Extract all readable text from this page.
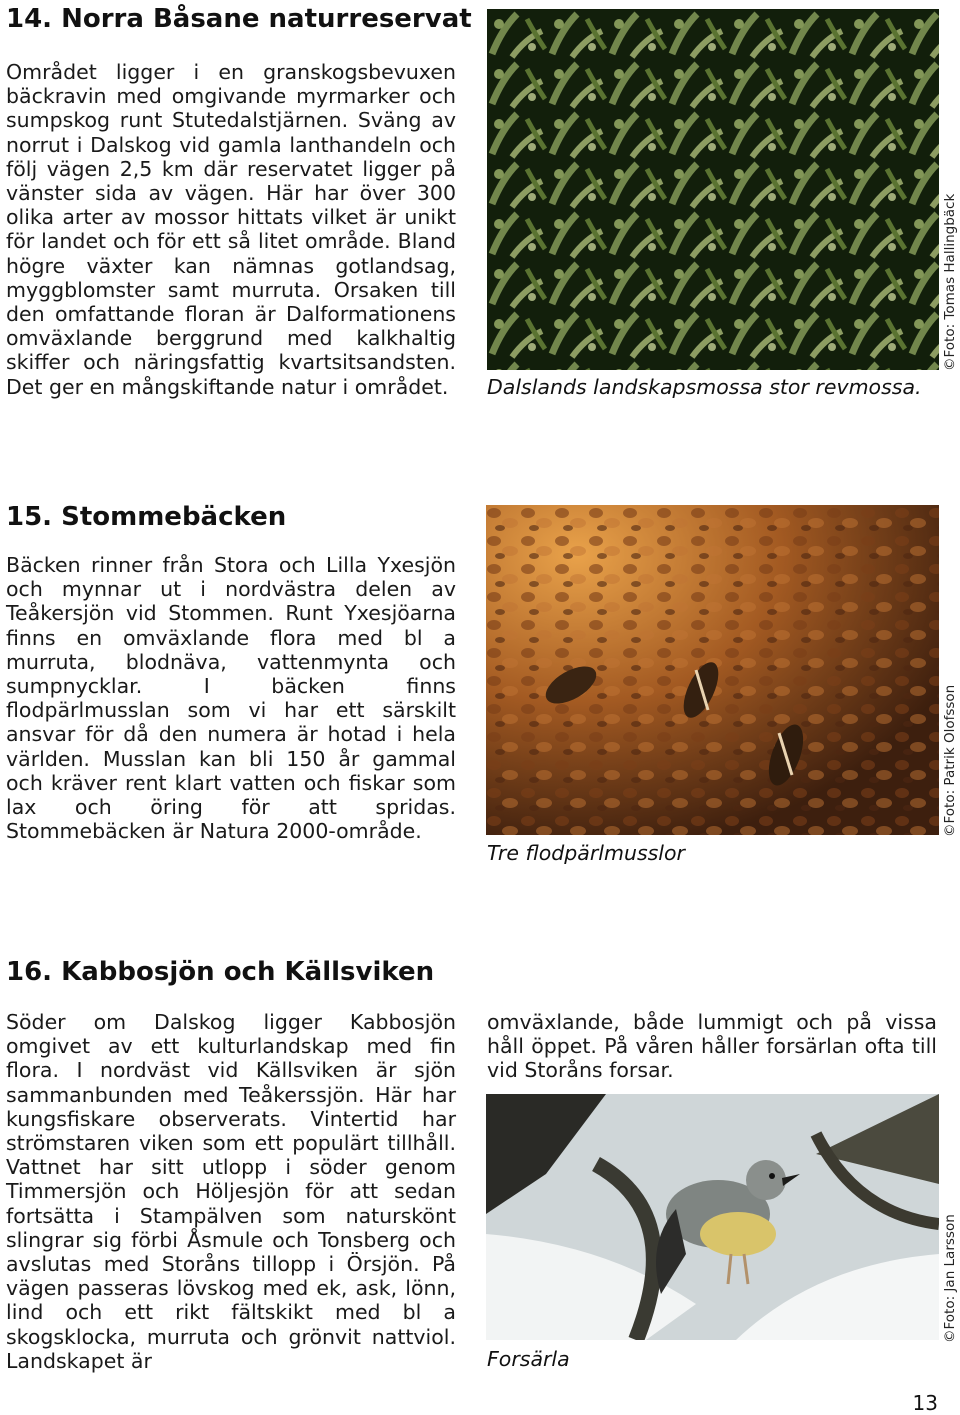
14. Norra Båsane naturreservat

Området ligger i en granskogsbevuxen bäckravin med omgivande myrmarker och sumpskog runt Stutedalstjärnen. Sväng av norrut i Dalskog vid gamla lanthandeln och följ vägen 2,5 km där reservatet ligger på vänster sida av vägen. Här har över 300 olika arter av mossor hittats vilket är unikt för landet och för ett så litet område. Bland högre växter kan nämnas gotlandsag, myggblomster samt murruta. Orsaken till den omfattande floran är Dalformationens omväxlande berggrund med kalkhaltig skiffer och näringsfattig kvartsitsandsten. Det ger en mångskiftande natur i området.	Dalslands landskapsmossa stor revmossa.
©Foto: Tomas Hallingbäck
15. Stommebäcken

Bäcken rinner från Stora och Lilla Yxesjön och mynnar ut i nordvästra delen av Teåkersjön vid Stommen. Runt Yxesjöarna finns en omväxlande flora med bl a murruta, blodnäva, vattenmynta och sumpnycklar. I bäcken finns flodpärlmusslan som vi har ett särskilt ansvar för då den numera är hotad i hela världen. Musslan kan bli 150 år gammal och kräver rent klart vatten och fiskar som lax och öring för att spridas. Stommebäcken är Natura 2000-område.

Tre flodpärlmusslor
©Foto: Patrik Olofsson
16. Kabbosjön och Källsviken

Söder om Dalskog ligger Kabbosjön omgivet av ett kulturlandskap med fin flora. I nordväst vid Källsviken är sjön sammanbunden med Teåkerssjön. Här har kungsfiskare observerats. Vintertid har strömstaren viken som ett populärt tillhåll. Vattnet har sitt utlopp i söder genom Timmersjön och Höljesjön för att sedan fortsätta i Stampälven som naturskönt slingrar sig förbi Åsmule och Tonsberg och avslutas med Storåns tillopp i Örsjön. På vägen passeras lövskog med ek, ask, lönn, lind och ett rikt fältskikt med bl a skogsklocka, murruta och grönvit nattviol. Landskapet är

omväxlande, både lummigt och på vissa håll öppet. På våren håller forsärlan ofta till vid Storåns forsar.

Forsärla
©Foto: Jan Larsson
13
